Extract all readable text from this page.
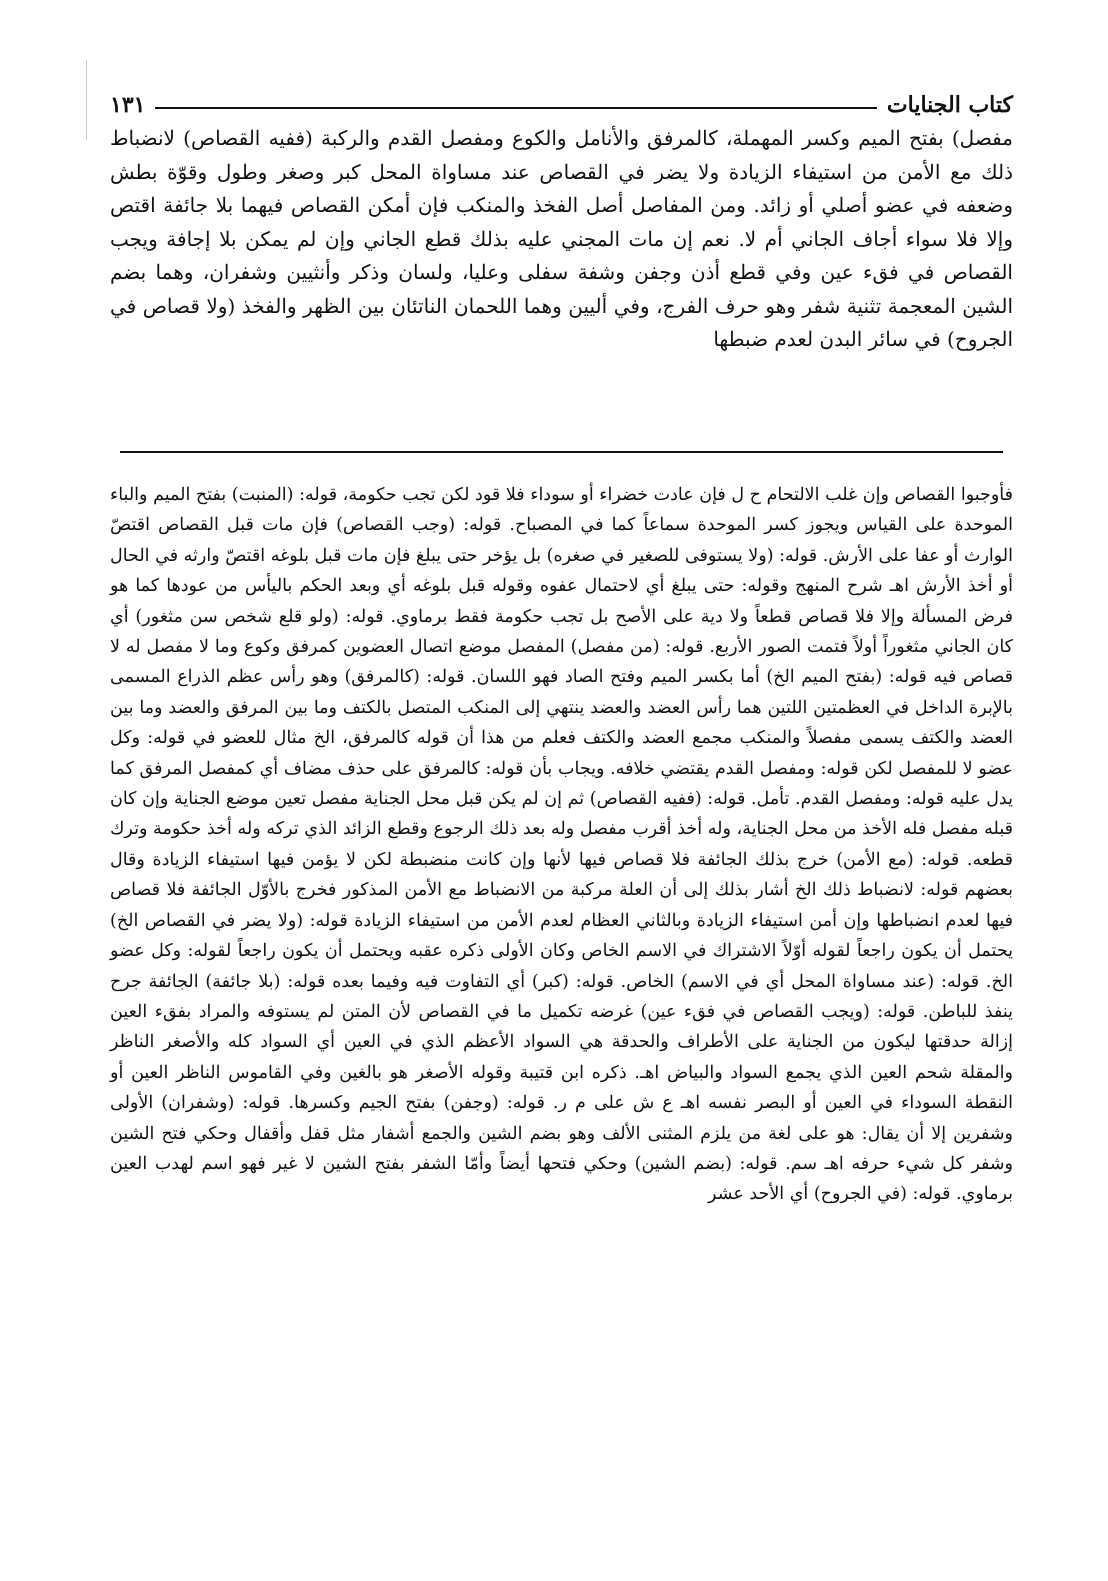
كتاب الجنايات
١٣١

مفصل) بفتح الميم وكسر المهملة، كالمرفق والأنامل والكوع ومفصل القدم والركبة (ففيه القصاص) لانضباط ذلك مع الأمن من استيفاء الزيادة ولا يضر في القصاص عند مساواة المحل كبر وصغر وطول وقوّة بطش وضعفه في عضو أصلي أو زائد. ومن المفاصل أصل الفخذ والمنكب فإن أمكن القصاص فيهما بلا جائفة اقتص وإلا فلا سواء أجاف الجاني أم لا. نعم إن مات المجني عليه بذلك قطع الجاني وإن لم يمكن بلا إجافة ويجب القصاص في فقء عين وفي قطع أذن وجفن وشفة سفلى وعليا، ولسان وذكر وأنثيين وشفران، وهما بضم الشين المعجمة تثنية شفر وهو حرف الفرج، وفي أليين وهما اللحمان الناتئان بين الظهر والفخذ (ولا قصاص في الجروح) في سائر البدن لعدم ضبطها

فأوجبوا القصاص وإن غلب الالتحام ح ل فإن عادت خضراء أو سوداء فلا قود لكن تجب حكومة، قوله: (المنبت) بفتح الميم والباء الموحدة على القياس ويجوز كسر الموحدة سماعاً كما في المصباح. قوله: (وجب القصاص) فإن مات قبل القصاص اقتصّ الوارث أو عفا على الأرش. قوله: (ولا يستوفى للصغير في صغره) بل يؤخر حتى يبلغ فإن مات قبل بلوغه اقتصّ وارثه في الحال أو أخذ الأرش اهـ شرح المنهج وقوله: حتى يبلغ أي لاحتمال عفوه وقوله قبل بلوغه أي وبعد الحكم باليأس من عودها كما هو فرض المسألة وإلا فلا قصاص قطعاً ولا دية على الأصح بل تجب حكومة فقط برماوي. قوله: (ولو قلع شخص سن مثغور) أي كان الجاني مثغوراً أولاً فتمت الصور الأربع. قوله: (من مفصل) المفصل موضع اتصال العضوين كمرفق وكوع وما لا مفصل له لا قصاص فيه قوله: (بفتح الميم الخ) أما بكسر الميم وفتح الصاد فهو اللسان. قوله: (كالمرفق) وهو رأس عظم الذراع المسمى بالإبرة الداخل في العظمتين اللتين هما رأس العضد والعضد ينتهي إلى المنكب المتصل بالكتف وما بين المرفق والعضد وما بين العضد والكتف يسمى مفصلاً والمنكب مجمع العضد والكتف فعلم من هذا أن قوله كالمرفق، الخ مثال للعضو في قوله: وكل عضو لا للمفصل لكن قوله: ومفصل القدم يقتضي خلافه. ويجاب بأن قوله: كالمرفق على حذف مضاف أي كمفصل المرفق كما يدل عليه قوله: ومفصل القدم. تأمل. قوله: (ففيه القصاص) ثم إن لم يكن قبل محل الجناية مفصل تعين موضع الجناية وإن كان قبله مفصل فله الأخذ من محل الجناية، وله أخذ أقرب مفصل وله بعد ذلك الرجوع وقطع الزائد الذي تركه وله أخذ حكومة وترك قطعه. قوله: (مع الأمن) خرج بذلك الجائفة فلا قصاص فيها لأنها وإن كانت منضبطة لكن لا يؤمن فيها استيفاء الزيادة وقال بعضهم قوله: لانضباط ذلك الخ أشار بذلك إلى أن العلة مركبة من الانضباط مع الأمن المذكور فخرج بالأوّل الجائفة فلا قصاص فيها لعدم انضباطها وإن أمن استيفاء الزيادة وبالثاني العظام لعدم الأمن من استيفاء الزيادة قوله: (ولا يضر في القصاص الخ) يحتمل أن يكون راجعاً لقوله أوّلاً الاشتراك في الاسم الخاص وكان الأولى ذكره عقبه ويحتمل أن يكون راجعاً لقوله: وكل عضو الخ. قوله: (عند مساواة المحل أي في الاسم) الخاص. قوله: (كبر) أي التفاوت فيه وفيما بعده قوله: (بلا جائفة) الجائفة جرح ينفذ للباطن. قوله: (ويجب القصاص في فقء عين) غرضه تكميل ما في القصاص لأن المتن لم يستوفه والمراد بفقء العين إزالة حدقتها ليكون من الجناية على الأطراف والحدقة هي السواد الأعظم الذي في العين أي السواد كله والأصغر الناظر والمقلة شحم العين الذي يجمع السواد والبياض اهـ. ذكره ابن قتيبة وقوله الأصغر هو بالغين وفي القاموس الناظر العين أو النقطة السوداء في العين أو البصر نفسه اهـ ع ش على م ر. قوله: (وجفن) بفتح الجيم وكسرها. قوله: (وشفران) الأولى وشفرين إلا أن يقال: هو على لغة من يلزم المثنى الألف وهو بضم الشين والجمع أشفار مثل قفل وأقفال وحكي فتح الشين وشفر كل شيء حرفه اهـ سم. قوله: (بضم الشين) وحكي فتحها أيضاً وأمّا الشفر بفتح الشين لا غير فهو اسم لهدب العين برماوي. قوله: (في الجروح) أي الأحد عشر
